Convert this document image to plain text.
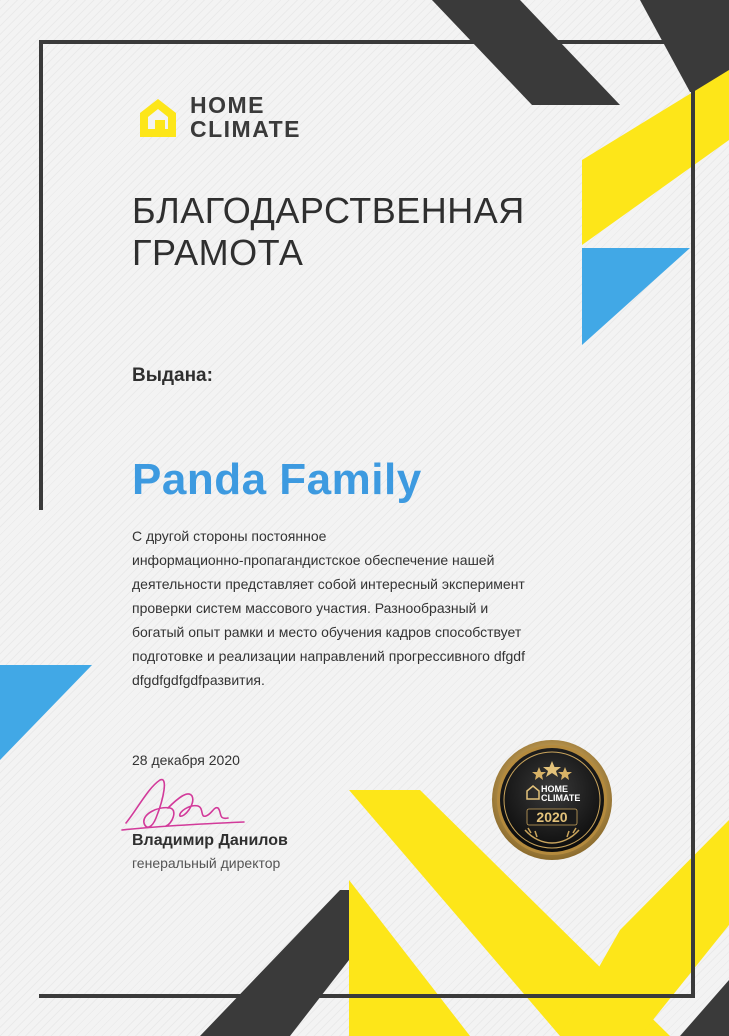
HOME
CLIMATE
БЛАГОДАРСТВЕННАЯ
ГРАМОТА
Выдана:
Panda Family
С другой стороны постоянное
информационно-пропагандистское обеспечение нашей
деятельности представляет собой интересный эксперимент
проверки систем массового участия. Разнообразный и
богатый опыт рамки и место обучения кадров способствует
подготовке и реализации направлений прогрессивного dfgdf
dfgdfgdfgdfразвития.
28 декабря 2020
Владимир Данилов
генеральный директор
HOME
CLIMATE
2020
